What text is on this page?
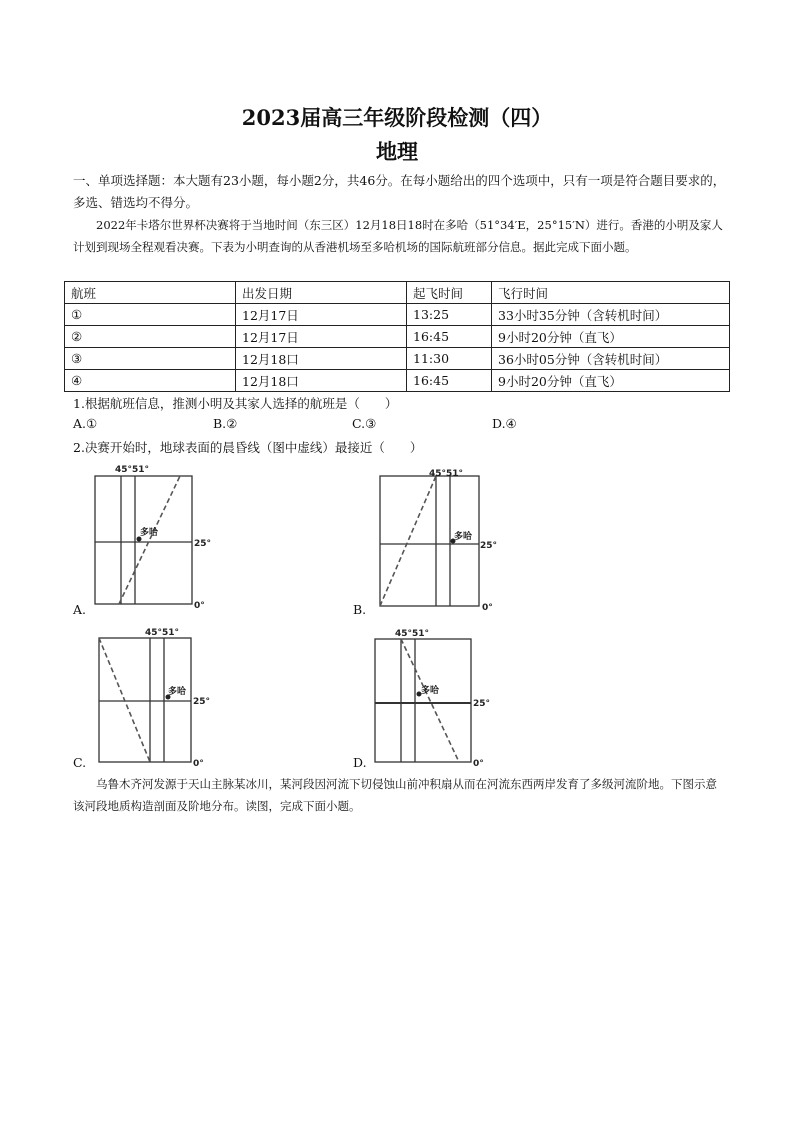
2023届高三年级阶段检测（四）
地理
一、单项选择题：本大题有23小题，每小题2分，共46分。在每小题给出的四个选项中，只有一项是符合题目要求的，多选、错选均不得分。
2022年卡塔尔世界杯决赛将于当地时间（东三区）12月18日18时在多哈（51°34′E，25°15′N）进行。香港的小明及家人计划到现场全程观看决赛。下表为小明查询的从香港机场至多哈机场的国际航班部分信息。据此完成下面小题。
航班	出发日期	起飞时间	飞行时间
①	12月17日	13:25	33小时35分钟（含转机时间）
②	12月17日	16:45	9小时20分钟（直飞）
③	12月18口	11:30	36小时05分钟（含转机时间）
④	12月18口	16:45	9小时20分钟（直飞）
1.根据航班信息，推测小明及其家人选择的航班是（　　）
A.①	B.②	C.③	D.④
2.决赛开始时，地球表面的晨昏线（图中虚线）最接近（　　）
多哈
45°51°
25°
0°
A.
多哈
45°51°
25°
0°
B.
多哈
45°51°
25°
0°
C.
多哈
45°51°
25°
0°
D.
乌鲁木齐河发源于天山主脉某冰川，某河段因河流下切侵蚀山前冲积扇从而在河流东西两岸发育了多级河流阶地。下图示意该河段地质构造剖面及阶地分布。读图，完成下面小题。
